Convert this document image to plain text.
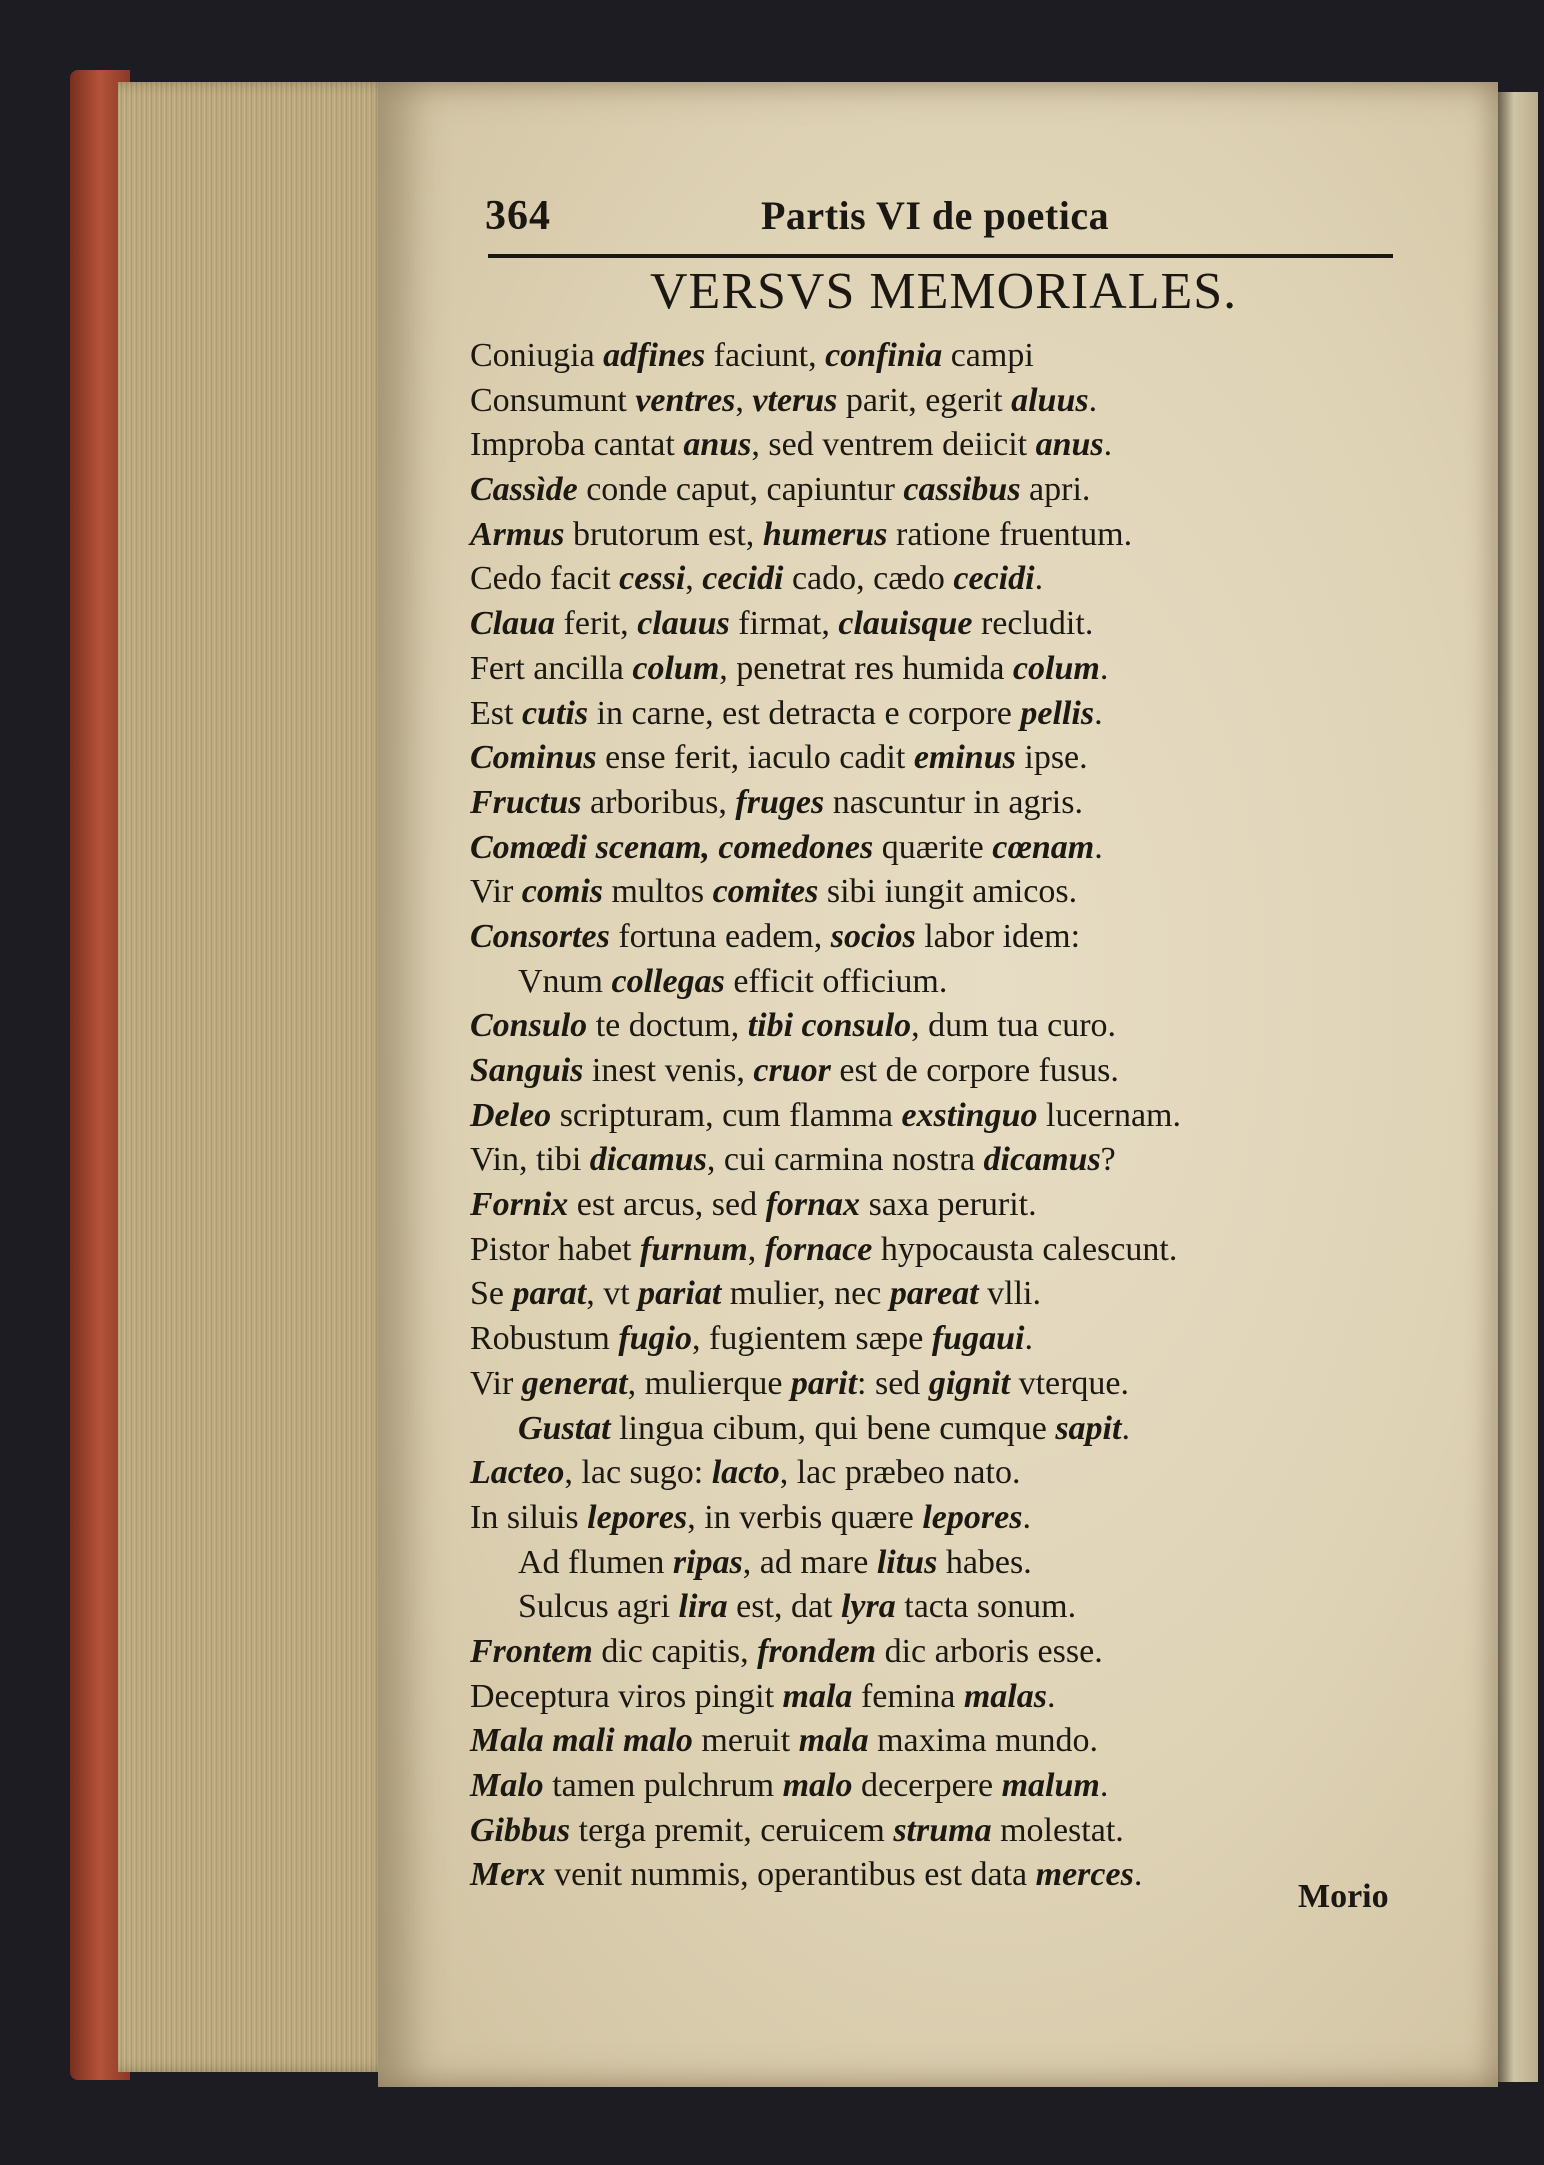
364	Partis VI de poetica
VERSVS MEMORIALES.
Coniugia adfines faciunt, confinia campi
Consumunt ventres, vterus parit, egerit aluus.
Improba cantat anus, sed ventrem deiicit anus.
Cassìde conde caput, capiuntur cassibus apri.
Armus brutorum est, humerus ratione fruentum.
Cedo facit cessi, cecidi cado, cædo cecidi.
Claua ferit, clauus firmat, clauisque recludit.
Fert ancilla colum, penetrat res humida colum.
Est cutis in carne, est detracta e corpore pellis.
Cominus ense ferit, iaculo cadit eminus ipse.
Fructus arboribus, fruges nascuntur in agris.
Comœdi scenam, comedones quærite cœnam.
Vir comis multos comites sibi iungit amicos.
Consortes fortuna eadem, socios labor idem:
Vnum collegas efficit officium.
Consulo te doctum, tibi consulo, dum tua curo.
Sanguis inest venis, cruor est de corpore fusus.
Deleo scripturam, cum flamma exstinguo lucernam.
Vin, tibi dicamus, cui carmina nostra dicamus?
Fornix est arcus, sed fornax saxa perurit.
Pistor habet furnum, fornace hypocausta calescunt.
Se parat, vt pariat mulier, nec pareat vlli.
Robustum fugio, fugientem sæpe fugaui.
Vir generat, mulierque parit: sed gignit vterque.
Gustat lingua cibum, qui bene cumque sapit.
Lacteo, lac sugo: lacto, lac præbeo nato.
In siluis lepores, in verbis quære lepores.
Ad flumen ripas, ad mare litus habes.
Sulcus agri lira est, dat lyra tacta sonum.
Frontem dic capitis, frondem dic arboris esse.
Deceptura viros pingit mala femina malas.
Mala mali malo meruit mala maxima mundo.
Malo tamen pulchrum malo decerpere malum.
Gibbus terga premit, ceruicem struma molestat.
Merx venit nummis, operantibus est data merces.
Morio
